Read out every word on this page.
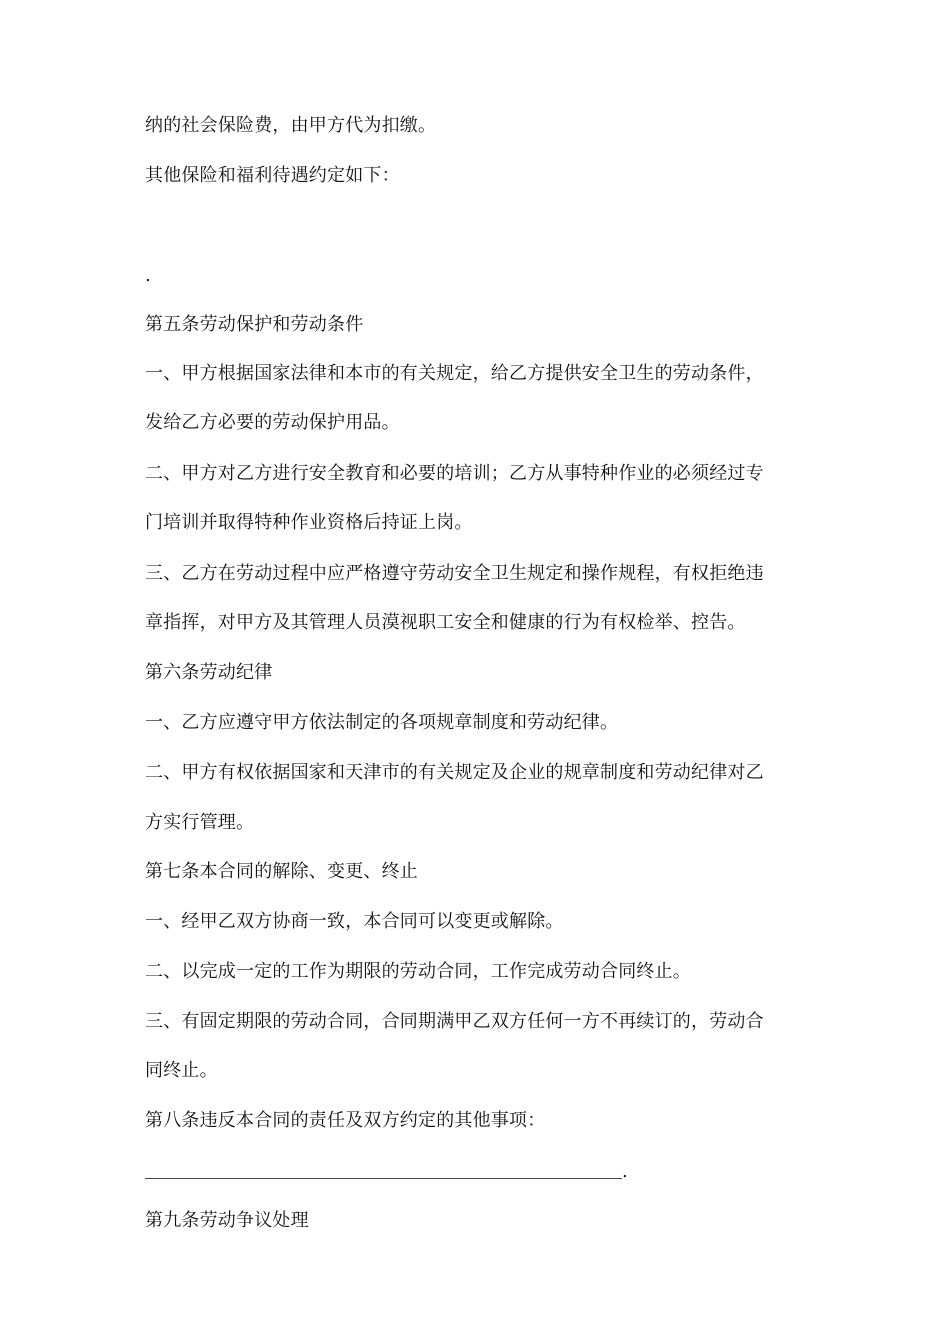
纳的社会保险费，由甲方代为扣缴。
其他保险和福利待遇约定如下：
.
第五条劳动保护和劳动条件
一、甲方根据国家法律和本市的有关规定，给乙方提供安全卫生的劳动条件，
发给乙方必要的劳动保护用品。
二、甲方对乙方进行安全教育和必要的培训；乙方从事特种作业的必须经过专
门培训并取得特种作业资格后持证上岗。
三、乙方在劳动过程中应严格遵守劳动安全卫生规定和操作规程，有权拒绝违
章指挥，对甲方及其管理人员漠视职工安全和健康的行为有权检举、控告。
第六条劳动纪律
一、乙方应遵守甲方依法制定的各项规章制度和劳动纪律。
二、甲方有权依据国家和天津市的有关规定及企业的规章制度和劳动纪律对乙
方实行管理。
第七条本合同的解除、变更、终止
一、经甲乙双方协商一致，本合同可以变更或解除。
二、以完成一定的工作为期限的劳动合同，工作完成劳动合同终止。
三、有固定期限的劳动合同，合同期满甲乙双方任何一方不再续订的，劳动合
同终止。
第八条违反本合同的责任及双方约定的其他事项：
.
第九条劳动争议处理
